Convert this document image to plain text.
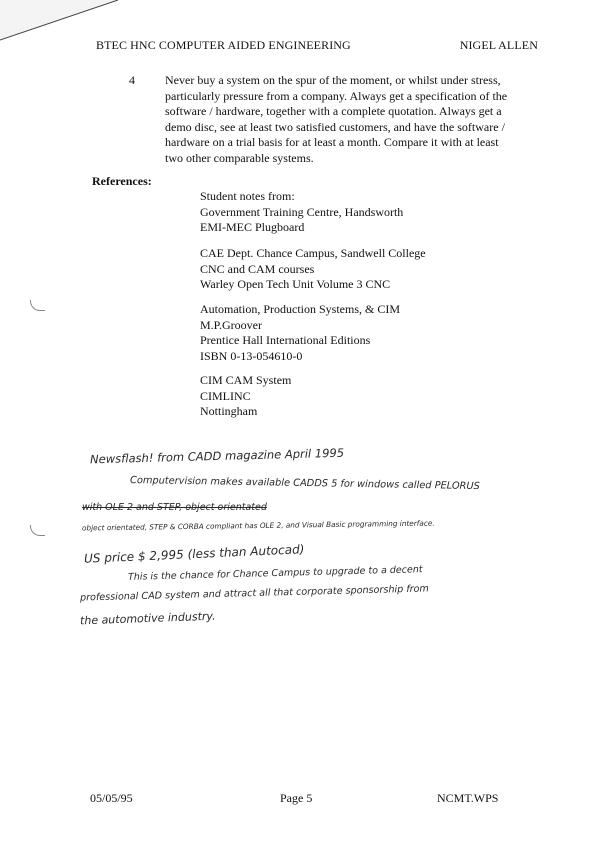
BTEC HNC COMPUTER AIDED ENGINEERING	NIGEL ALLEN
4	Never buy a system on the spur of the moment, or whilst under stress,
particularly pressure from a company. Always get a specification of the
software / hardware, together with a complete quotation. Always get a
demo disc, see at least two satisfied customers, and have the software /
hardware on a trial basis for at least a month. Compare it with at least
two other comparable systems.
References:
Student notes from:
Government Training Centre, Handsworth
EMI-MEC Plugboard
CAE Dept. Chance Campus, Sandwell College
CNC and CAM courses
Warley Open Tech Unit Volume 3 CNC
Automation, Production Systems, & CIM
M.P.Groover
Prentice Hall International Editions
ISBN 0-13-054610-0
CIM CAM System
CIMLINC
Nottingham
Newsflash! from CADD magazine April 1995
Computervision makes available CADDS 5 for windows called PELORUS
with OLE 2 and STEP, object orientated
object orientated, STEP & CORBA compliant has OLE 2, and Visual Basic programming interface.
US price $ 2,995 (less than Autocad)
This is the chance for Chance Campus to upgrade to a decent
professional CAD system and attract all that corporate sponsorship from
the automotive industry.
05/05/95	Page 5	NCMT.WPS
